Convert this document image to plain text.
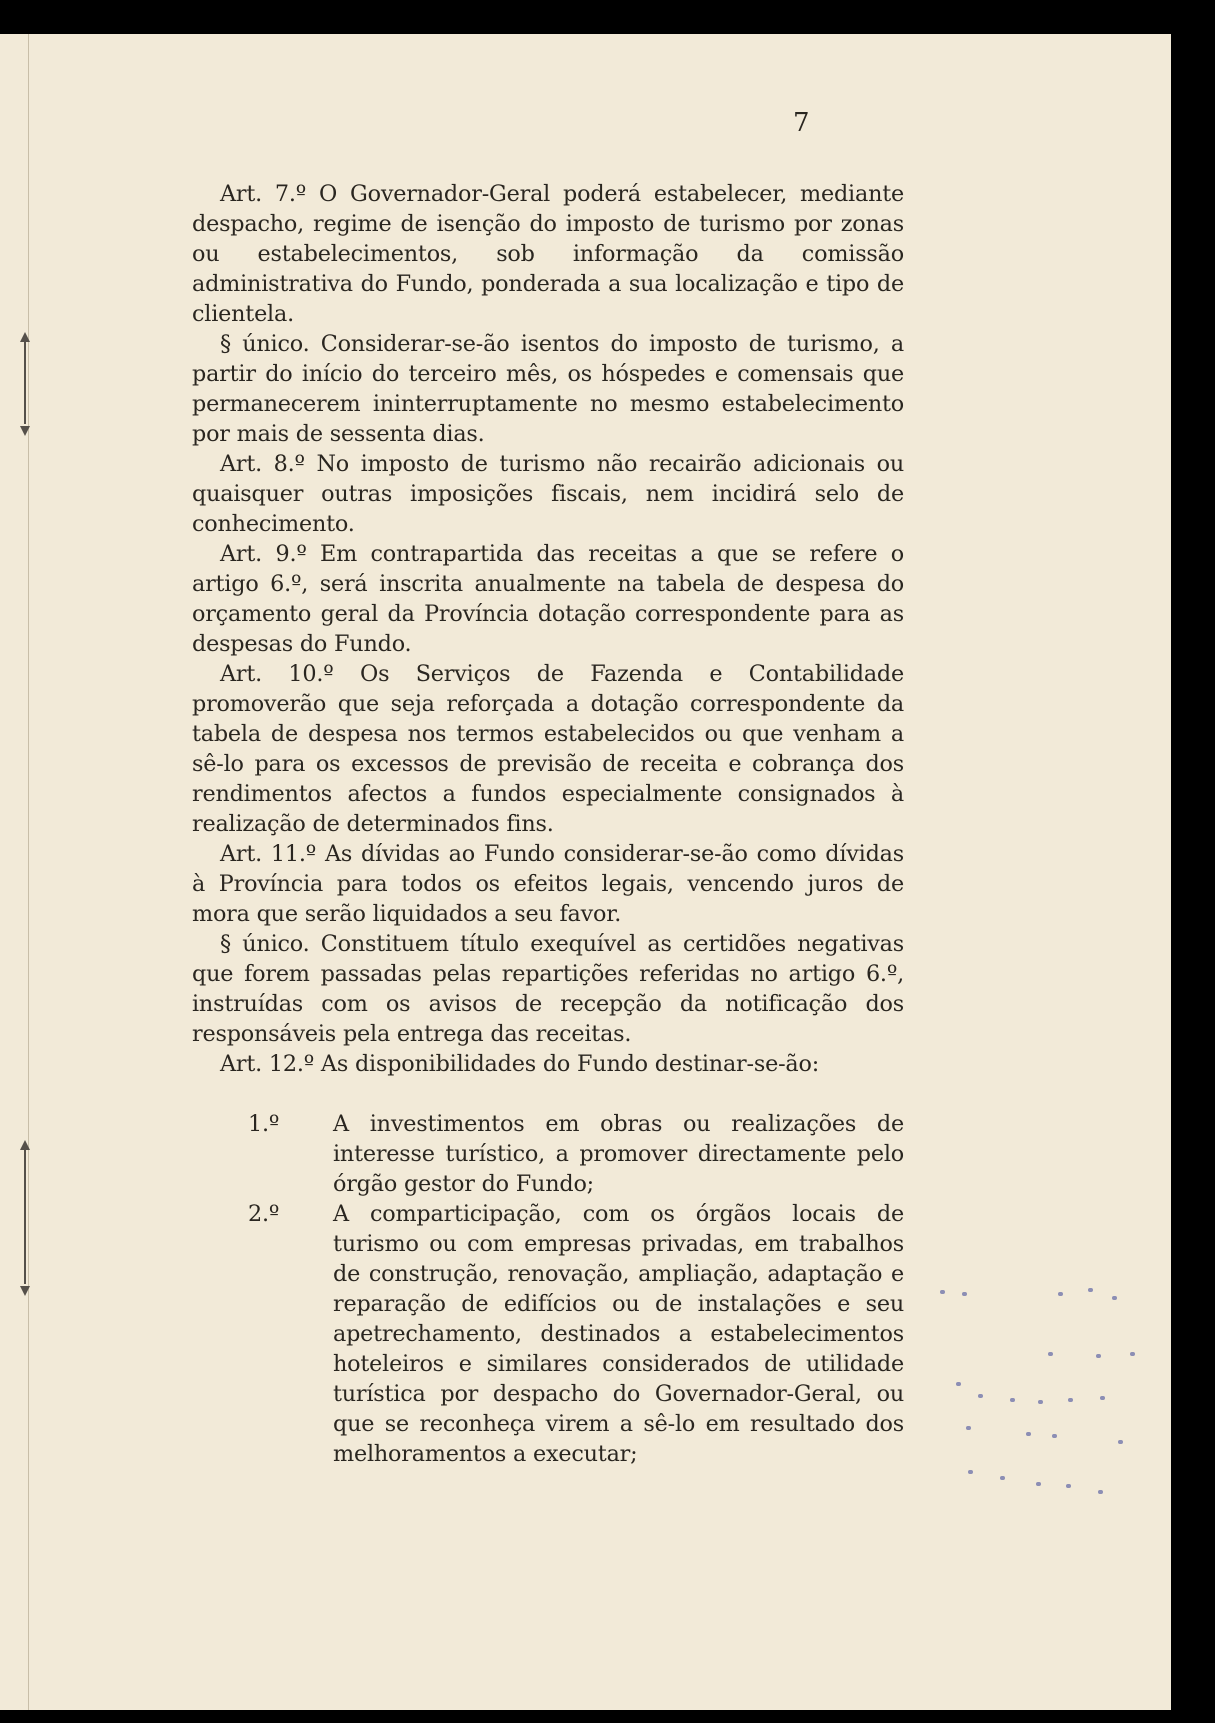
7

Art. 7.º O Governador-Geral poderá estabelecer, mediante despacho, regime de isenção do imposto de turismo por zonas ou estabelecimentos, sob informação da comissão administrativa do Fundo, ponderada a sua localização e tipo de clientela.

§ único. Considerar-se-ão isentos do imposto de turismo, a partir do início do terceiro mês, os hóspedes e comensais que permanecerem ininterruptamente no mesmo estabelecimento por mais de sessenta dias.

Art. 8.º No imposto de turismo não recairão adicionais ou quaisquer outras imposições fiscais, nem incidirá selo de conhecimento.

Art. 9.º Em contrapartida das receitas a que se refere o artigo 6.º, será inscrita anualmente na tabela de despesa do orçamento geral da Província dotação correspondente para as despesas do Fundo.

Art. 10.º Os Serviços de Fazenda e Contabilidade promoverão que seja reforçada a dotação correspondente da tabela de despesa nos termos estabelecidos ou que venham a sê-lo para os excessos de previsão de receita e cobrança dos rendimentos afectos a fundos especialmente consignados à realização de determinados fins.

Art. 11.º As dívidas ao Fundo considerar-se-ão como dívidas à Província para todos os efeitos legais, vencendo juros de mora que serão liquidados a seu favor.

§ único. Constituem título exequível as certidões negativas que forem passadas pelas repartições referidas no artigo 6.º, instruídas com os avisos de recepção da notificação dos responsáveis pela entrega das receitas.

Art. 12.º As disponibilidades do Fundo destinar-se-ão:

1.º A investimentos em obras ou realizações de interesse turístico, a promover directamente pelo órgão gestor do Fundo;
2.º A comparticipação, com os órgãos locais de turismo ou com empresas privadas, em trabalhos de construção, renovação, ampliação, adaptação e reparação de edifícios ou de instalações e seu apetrechamento, destinados a estabelecimentos hoteleiros e similares considerados de utilidade turística por despacho do Governador-Geral, ou que se reconheça virem a sê-lo em resultado dos melhoramentos a executar;
